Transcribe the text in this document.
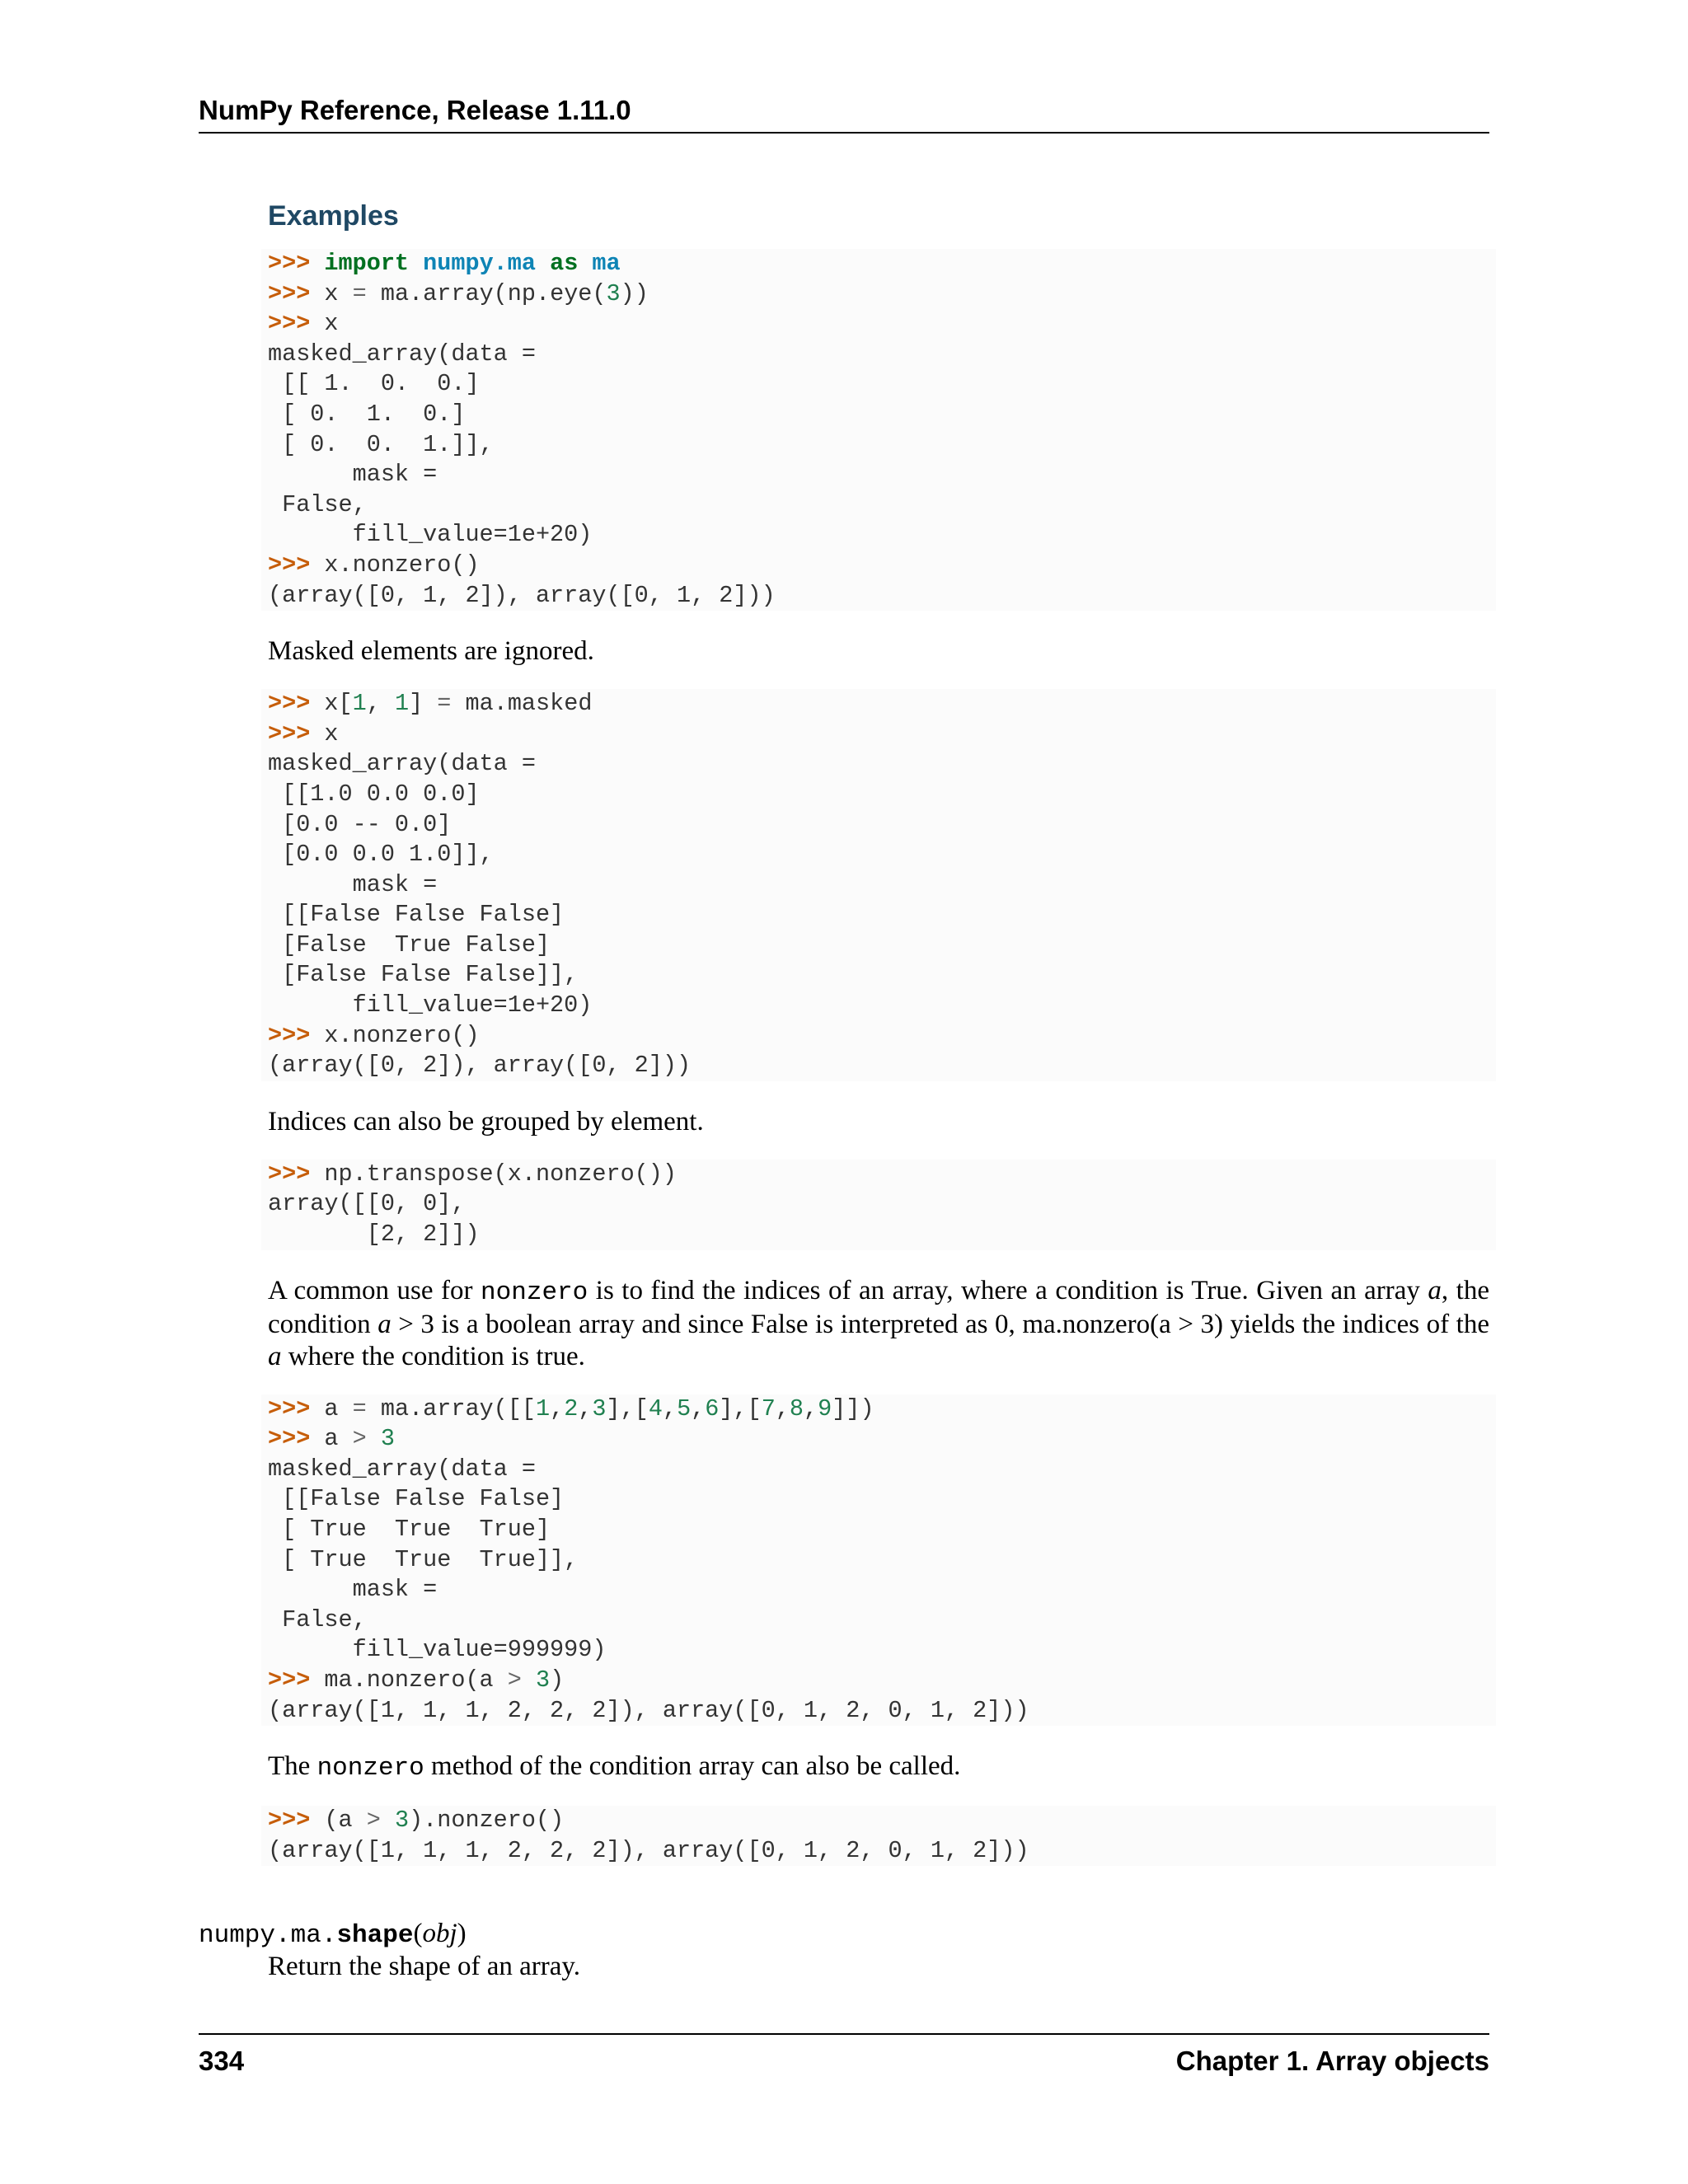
NumPy Reference, Release 1.11.0
Examples
>>> import numpy.ma as ma
>>> x = ma.array(np.eye(3))
>>> x
masked_array(data =
[[ 1.  0.  0.]
[ 0.  1.  0.]
[ 0.  0.  1.]],
mask =
False,
fill_value=1e+20)
>>> x.nonzero()
(array([0, 1, 2]), array([0, 1, 2]))

Masked elements are ignored.

>>> x[1, 1] = ma.masked
>>> x
masked_array(data =
[[1.0 0.0 0.0]
[0.0 -- 0.0]
[0.0 0.0 1.0]],
mask =
[[False False False]
[False  True False]
[False False False]],
fill_value=1e+20)
>>> x.nonzero()
(array([0, 2]), array([0, 2]))

Indices can also be grouped by element.

>>> np.transpose(x.nonzero())
array([[0, 0],
[2, 2]])

A common use for nonzero is to find the indices of an array, where a condition is True. Given an array a, the condition a > 3 is a boolean array and since False is interpreted as 0, ma.nonzero(a > 3) yields the indices of the a where the condition is true.

>>> a = ma.array([[1,2,3],[4,5,6],[7,8,9]])
>>> a > 3
masked_array(data =
[[False False False]
[ True  True  True]
[ True  True  True]],
mask =
False,
fill_value=999999)
>>> ma.nonzero(a > 3)
(array([1, 1, 1, 2, 2, 2]), array([0, 1, 2, 0, 1, 2]))

The nonzero method of the condition array can also be called.

>>> (a > 3).nonzero()
(array([1, 1, 1, 2, 2, 2]), array([0, 1, 2, 0, 1, 2]))
numpy.ma.shape(obj)
Return the shape of an array.
334	Chapter 1. Array objects
